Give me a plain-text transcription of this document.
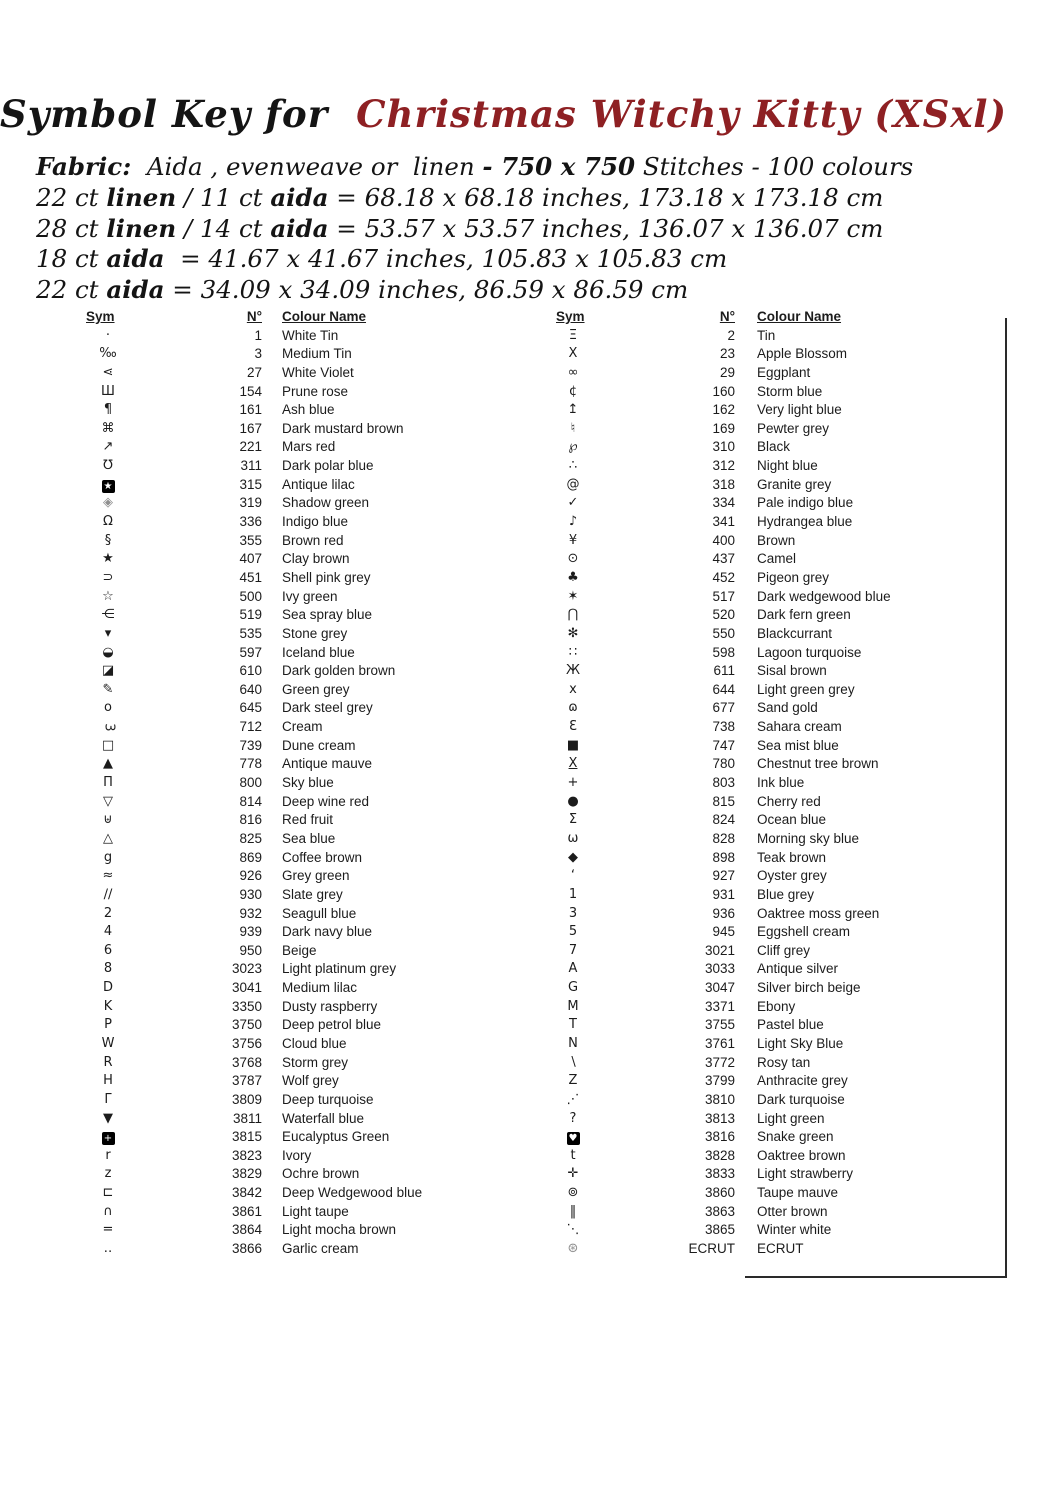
Symbol Key for Christmas Witchy Kitty (XSxl)
Fabric:  Aida , evenweave or  linen - 750 x 750 Stitches - 100 colours
22 ct linen / 11 ct aida = 68.18 x 68.18 inches, 173.18 x 173.18 cm
28 ct linen / 14 ct aida = 53.57 x 53.57 inches, 136.07 x 136.07 cm
18 ct aida  = 41.67 x 41.67 inches, 105.83 x 105.83 cm
22 ct aida = 34.09 x 34.09 inches, 86.59 x 86.59 cm
Sym	N°	Colour Name
·	1	White Tin
‰	3	Medium Tin
⋖	27	White Violet
Ш	154	Prune rose
¶	161	Ash blue
⌘	167	Dark mustard brown
↗	221	Mars red
℧	311	Dark polar blue
★	315	Antique lilac
◈	319	Shadow green
Ω	336	Indigo blue
§	355	Brown red
★	407	Clay brown
⊃	451	Shell pink grey
☆	500	Ivy green
⋲	519	Sea spray blue
▾	535	Stone grey
◒	597	Iceland blue
◪	610	Dark golden brown
✎	640	Green grey
o	645	Dark steel grey
3	712	Cream
□	739	Dune cream
▲	778	Antique mauve
Π	800	Sky blue
▽	814	Deep wine red
⊎	816	Red fruit
△	825	Sea blue
g	869	Coffee brown
≈	926	Grey green
∕∕	930	Slate grey
2	932	Seagull blue
4	939	Dark navy blue
6	950	Beige
8	3023	Light platinum grey
D	3041	Medium lilac
K	3350	Dusty raspberry
P	3750	Deep petrol blue
W	3756	Cloud blue
R	3768	Storm grey
H	3787	Wolf grey
Γ	3809	Deep turquoise
▼	3811	Waterfall blue
+	3815	Eucalyptus Green
r	3823	Ivory
z	3829	Ochre brown
⊏	3842	Deep Wedgewood blue
∩	3861	Light taupe
=	3864	Light mocha brown
‥	3866	Garlic cream
Sym	N°	Colour Name
Ξ	2	Tin
X	23	Apple Blossom
∞	29	Eggplant
¢	160	Storm blue
↥	162	Very light blue
♮	169	Pewter grey
℘	310	Black
∴	312	Night blue
@	318	Granite grey
✓	334	Pale indigo blue
♪	341	Hydrangea blue
¥	400	Brown
⊙	437	Camel
♣	452	Pigeon grey
✶	517	Dark wedgewood blue
⋂	520	Dark fern green
✻	550	Blackcurrant
∷	598	Lagoon turquoise
Ж	611	Sisal brown
x	644	Light green grey
ɷ	677	Sand gold
Ɛ	738	Sahara cream
■	747	Sea mist blue
X	780	Chestnut tree brown
+	803	Ink blue
●	815	Cherry red
Σ	824	Ocean blue
ω	828	Morning sky blue
◆	898	Teak brown
ʻ	927	Oyster grey
1	931	Blue grey
3	936	Oaktree moss green
5	945	Eggshell cream
7	3021	Cliff grey
A	3033	Antique silver
G	3047	Silver birch beige
M	3371	Ebony
T	3755	Pastel blue
N	3761	Light Sky Blue
∖	3772	Rosy tan
Z	3799	Anthracite grey
⋰	3810	Dark turquoise
?	3813	Light green
♥	3816	Snake green
t	3828	Oaktree brown
✛	3833	Light strawberry
⊚	3860	Taupe mauve
‖	3863	Otter brown
⋱	3865	Winter white
⊛	ECRUT	ECRUT
